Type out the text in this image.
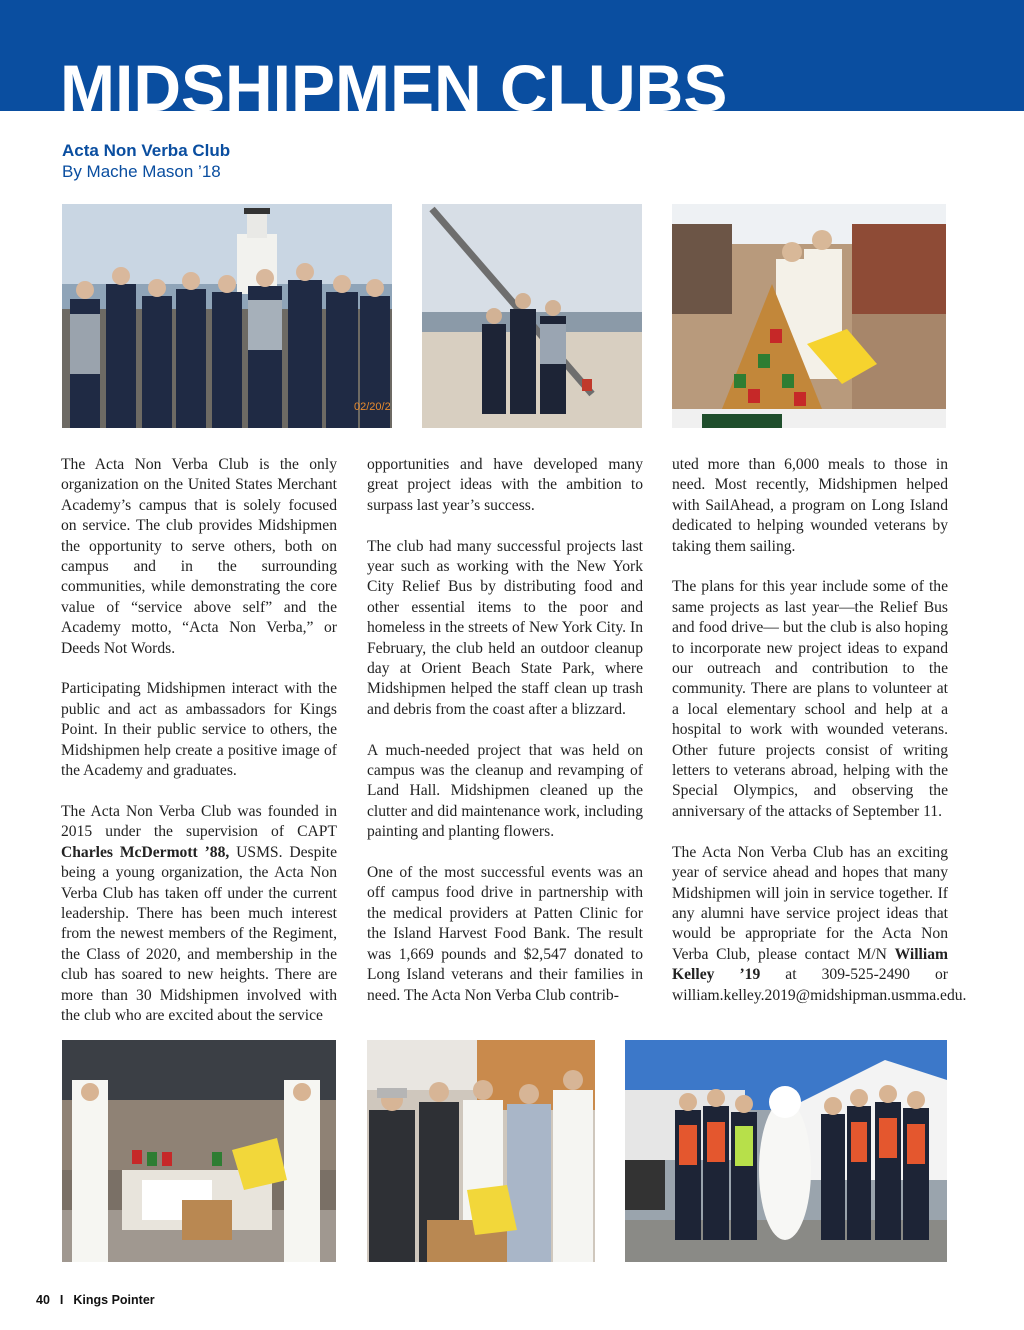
MIDSHIPMEN CLUBS
Acta Non Verba Club
By Mache Mason ’18
02/20/2

The Acta Non Verba Club is the only organization on the United States Merchant Academy’s campus that is solely focused on service. The club provides Midshipmen the opportunity to serve others, both on campus and in the surrounding communities, while demonstrating the core value of “service above self” and the Academy motto, “Acta Non Verba,” or Deeds Not Words.

Participating Midshipmen interact with the public and act as ambassadors for Kings Point. In their public service to others, the Midshipmen help create a positive image of the Academy and graduates.

The Acta Non Verba Club was founded in 2015 under the supervision of CAPT Charles McDermott ’88, USMS. Despite being a young organization, the Acta Non Verba Club has taken off under the current leadership. There has been much interest from the newest members of the Regiment, the Class of 2020, and membership in the club has soared to new heights. There are more than 30 Midshipmen involved with the club who are excited about the service

opportunities and have developed many great project ideas with the ambition to surpass last year’s success.

The club had many successful projects last year such as working with the New York City Relief Bus by distributing food and other essential items to the poor and homeless in the streets of New York City. In February, the club held an outdoor cleanup day at Orient Beach State Park, where Midshipmen helped the staff clean up trash and debris from the coast after a blizzard.

A much-needed project that was held on campus was the cleanup and revamping of Land Hall. Midshipmen cleaned up the clutter and did maintenance work, including painting and planting flowers.

One of the most successful events was an off campus food drive in partnership with the medical providers at Patten Clinic for the Island Harvest Food Bank. The result was 1,669 pounds and $2,547 donated to Long Island veterans and their families in need. The Acta Non Verba Club contrib-

uted more than 6,000 meals to those in need. Most recently, Midshipmen helped with SailAhead, a program on Long Island dedicated to helping wounded veterans by taking them sailing.

The plans for this year include some of the same projects as last year—the Relief Bus and food drive— but the club is also hoping to incorporate new project ideas to expand our outreach and contribution to the community. There are plans to volunteer at a local elementary school and help at a hospital to work with wounded veterans. Other future projects consist of writing letters to veterans abroad, helping with the Special Olympics, and observing the anniversary of the attacks of September 11.

The Acta Non Verba Club has an exciting year of service ahead and hopes that many Midshipmen will join in service together. If any alumni have service project ideas that would be appropriate for the Acta Non Verba Club, please contact M/N William Kelley ’19 at 309-525-2490 or william.kelley.2019@midshipman.usmma.edu.

40 I Kings Pointer
